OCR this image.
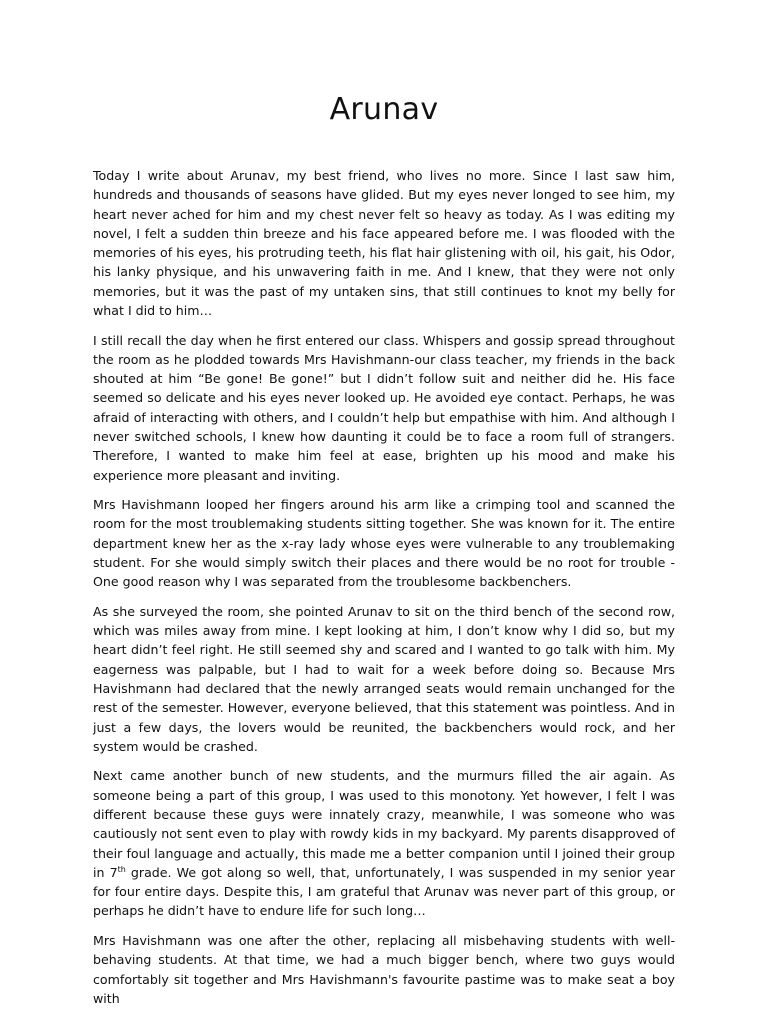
Arunav

Today I write about Arunav, my best friend, who lives no more. Since I last saw him, hundreds and thousands of seasons have glided. But my eyes never longed to see him, my heart never ached for him and my chest never felt so heavy as today. As I was editing my novel, I felt a sudden thin breeze and his face appeared before me. I was flooded with the memories of his eyes, his protruding teeth, his flat hair glistening with oil, his gait, his Odor, his lanky physique, and his unwavering faith in me. And I knew, that they were not only memories, but it was the past of my untaken sins, that still continues to knot my belly for what I did to him…

I still recall the day when he first entered our class. Whispers and gossip spread throughout the room as he plodded towards Mrs Havishmann-our class teacher, my friends in the back shouted at him “Be gone! Be gone!” but I didn’t follow suit and neither did he. His face seemed so delicate and his eyes never looked up. He avoided eye contact. Perhaps, he was afraid of interacting with others, and I couldn’t help but empathise with him. And although I never switched schools, I knew how daunting it could be to face a room full of strangers. Therefore, I wanted to make him feel at ease, brighten up his mood and make his experience more pleasant and inviting.

Mrs Havishmann looped her fingers around his arm like a crimping tool and scanned the room for the most troublemaking students sitting together. She was known for it. The entire department knew her as the x-ray lady whose eyes were vulnerable to any troublemaking student. For she would simply switch their places and there would be no root for trouble -One good reason why I was separated from the troublesome backbenchers.

As she surveyed the room, she pointed Arunav to sit on the third bench of the second row, which was miles away from mine. I kept looking at him, I don’t know why I did so, but my heart didn’t feel right. He still seemed shy and scared and I wanted to go talk with him. My eagerness was palpable, but I had to wait for a week before doing so. Because Mrs Havishmann had declared that the newly arranged seats would remain unchanged for the rest of the semester. However, everyone believed, that this statement was pointless. And in just a few days, the lovers would be reunited, the backbenchers would rock, and her system would be crashed.

Next came another bunch of new students, and the murmurs filled the air again. As someone being a part of this group, I was used to this monotony. Yet however, I felt I was different because these guys were innately crazy, meanwhile, I was someone who was cautiously not sent even to play with rowdy kids in my backyard. My parents disapproved of their foul language and actually, this made me a better companion until I joined their group in 7th grade. We got along so well, that, unfortunately, I was suspended in my senior year for four entire days. Despite this, I am grateful that Arunav was never part of this group, or perhaps he didn’t have to endure life for such long…

Mrs Havishmann was one after the other, replacing all misbehaving students with well-behaving students. At that time, we had a much bigger bench, where two guys would comfortably sit together and Mrs Havishmann's favourite pastime was to make seat a boy with
